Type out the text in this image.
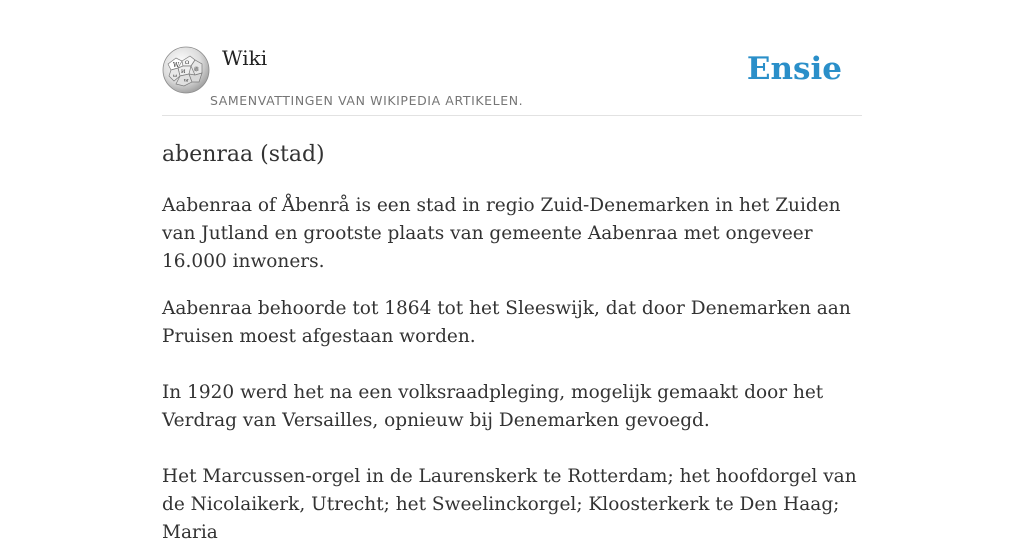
W Ω
И 維
ω
ਅ
Wiki
SAMENVATTINGEN VAN WIKIPEDIA ARTIKELEN.
Ensie
abenraa (stad)

Aabenraa of Åbenrå is een stad in regio Zuid-Denemarken in het Zuiden van Jutland en grootste plaats van gemeente Aabenraa met ongeveer 16.000 inwoners.

Aabenraa behoorde tot 1864 tot het Sleeswijk, dat door Denemarken aan Pruisen moest afgestaan worden.

In 1920 werd het na een volksraadpleging, mogelijk gemaakt door het Verdrag van Versailles, opnieuw bij Denemarken gevoegd.

Het Marcussen-orgel in de Laurenskerk te Rotterdam; het hoofdorgel van de Nicolaikerk, Utrecht; het Sweelinckorgel; Kloosterkerk te Den Haag; Maria
